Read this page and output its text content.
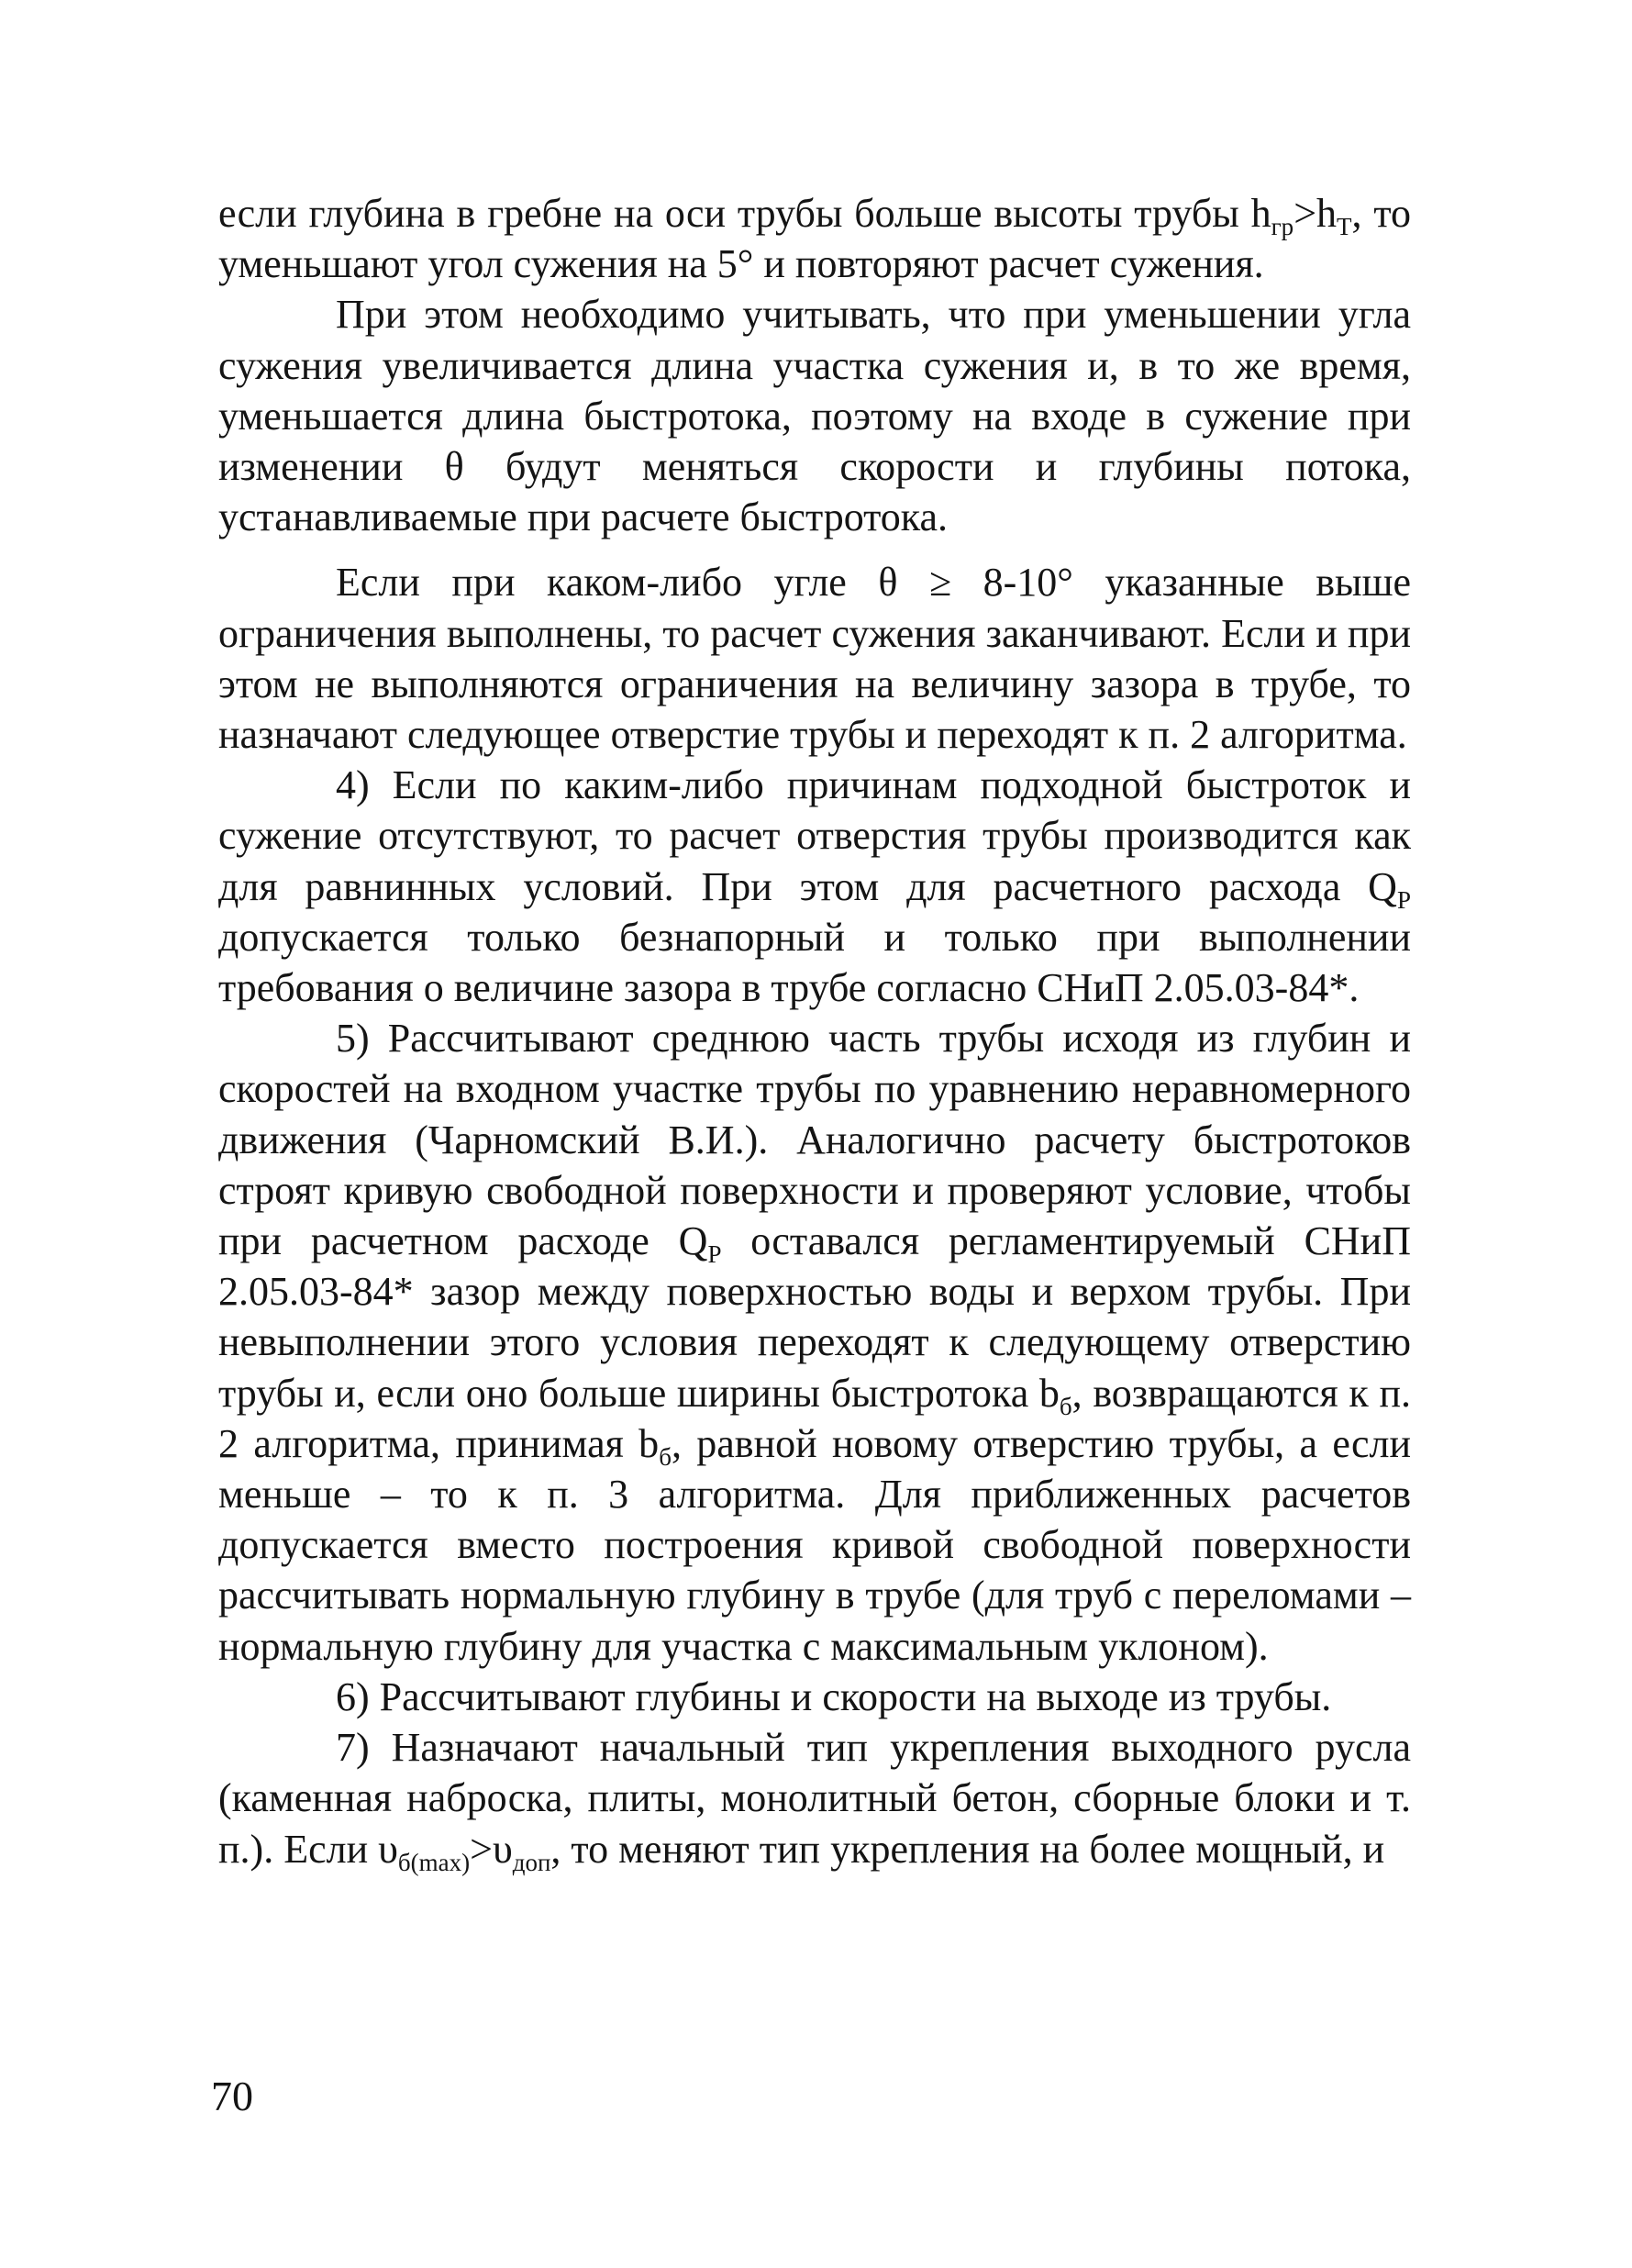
если глубина в гребне на оси трубы больше высоты трубы $h_{гр}>h_Т$, то уменьшают угол сужения на 5° и повторяют расчет сужения.

При этом необходимо учитывать, что при уменьшении угла сужения увеличивается длина участка сужения и, в то же время, уменьшается длина быстротока, поэтому на входе в сужение при изменении θ будут меняться скорости и глубины потока, устанавливаемые при расчете быстротока.

Если при каком-либо угле θ ≥ 8-10° указанные выше ограничения выполнены, то расчет сужения заканчивают. Если и при этом не выполняются ограничения на величину зазора в трубе, то назначают следующее отверстие трубы и переходят к п. 2 алгоритма.

4) Если по каким-либо причинам подходной быстроток и сужение отсутствуют, то расчет отверстия трубы производится как для равнинных условий. При этом для расчетного расхода $Q_Р$ допускается только безнапорный и только при выполнении требования о величине зазора в трубе согласно СНиП 2.05.03-84*.

5) Рассчитывают среднюю часть трубы исходя из глубин и скоростей на входном участке трубы по уравнению неравномерного движения (Чарномский В.И.). Аналогично расчету быстротоков строят кривую свободной поверхности и проверяют условие, чтобы при расчетном расходе $Q_Р$ оставался регламентируемый СНиП 2.05.03-84* зазор между поверхностью воды и верхом трубы. При невыполнении этого условия переходят к следующему отверстию трубы и, если оно больше ширины быстротока $b_б$, возвращаются к п. 2 алгоритма, принимая $b_б$, равной новому отверстию трубы, а если меньше – то к п. 3 алгоритма. Для приближенных расчетов допускается вместо построения кривой свободной поверхности рассчитывать нормальную глубину в трубе (для труб с переломами – нормальную глубину для участка с максимальным уклоном).

6) Рассчитывают глубины и скорости на выходе из трубы.

7) Назначают начальный тип укрепления выходного русла (каменная наброска, плиты, монолитный бетон, сборные блоки и т. п.). Если $\upsilon_{б(max)}>\upsilon_{доп}$, то меняют тип укрепления на более мощный, и

70
